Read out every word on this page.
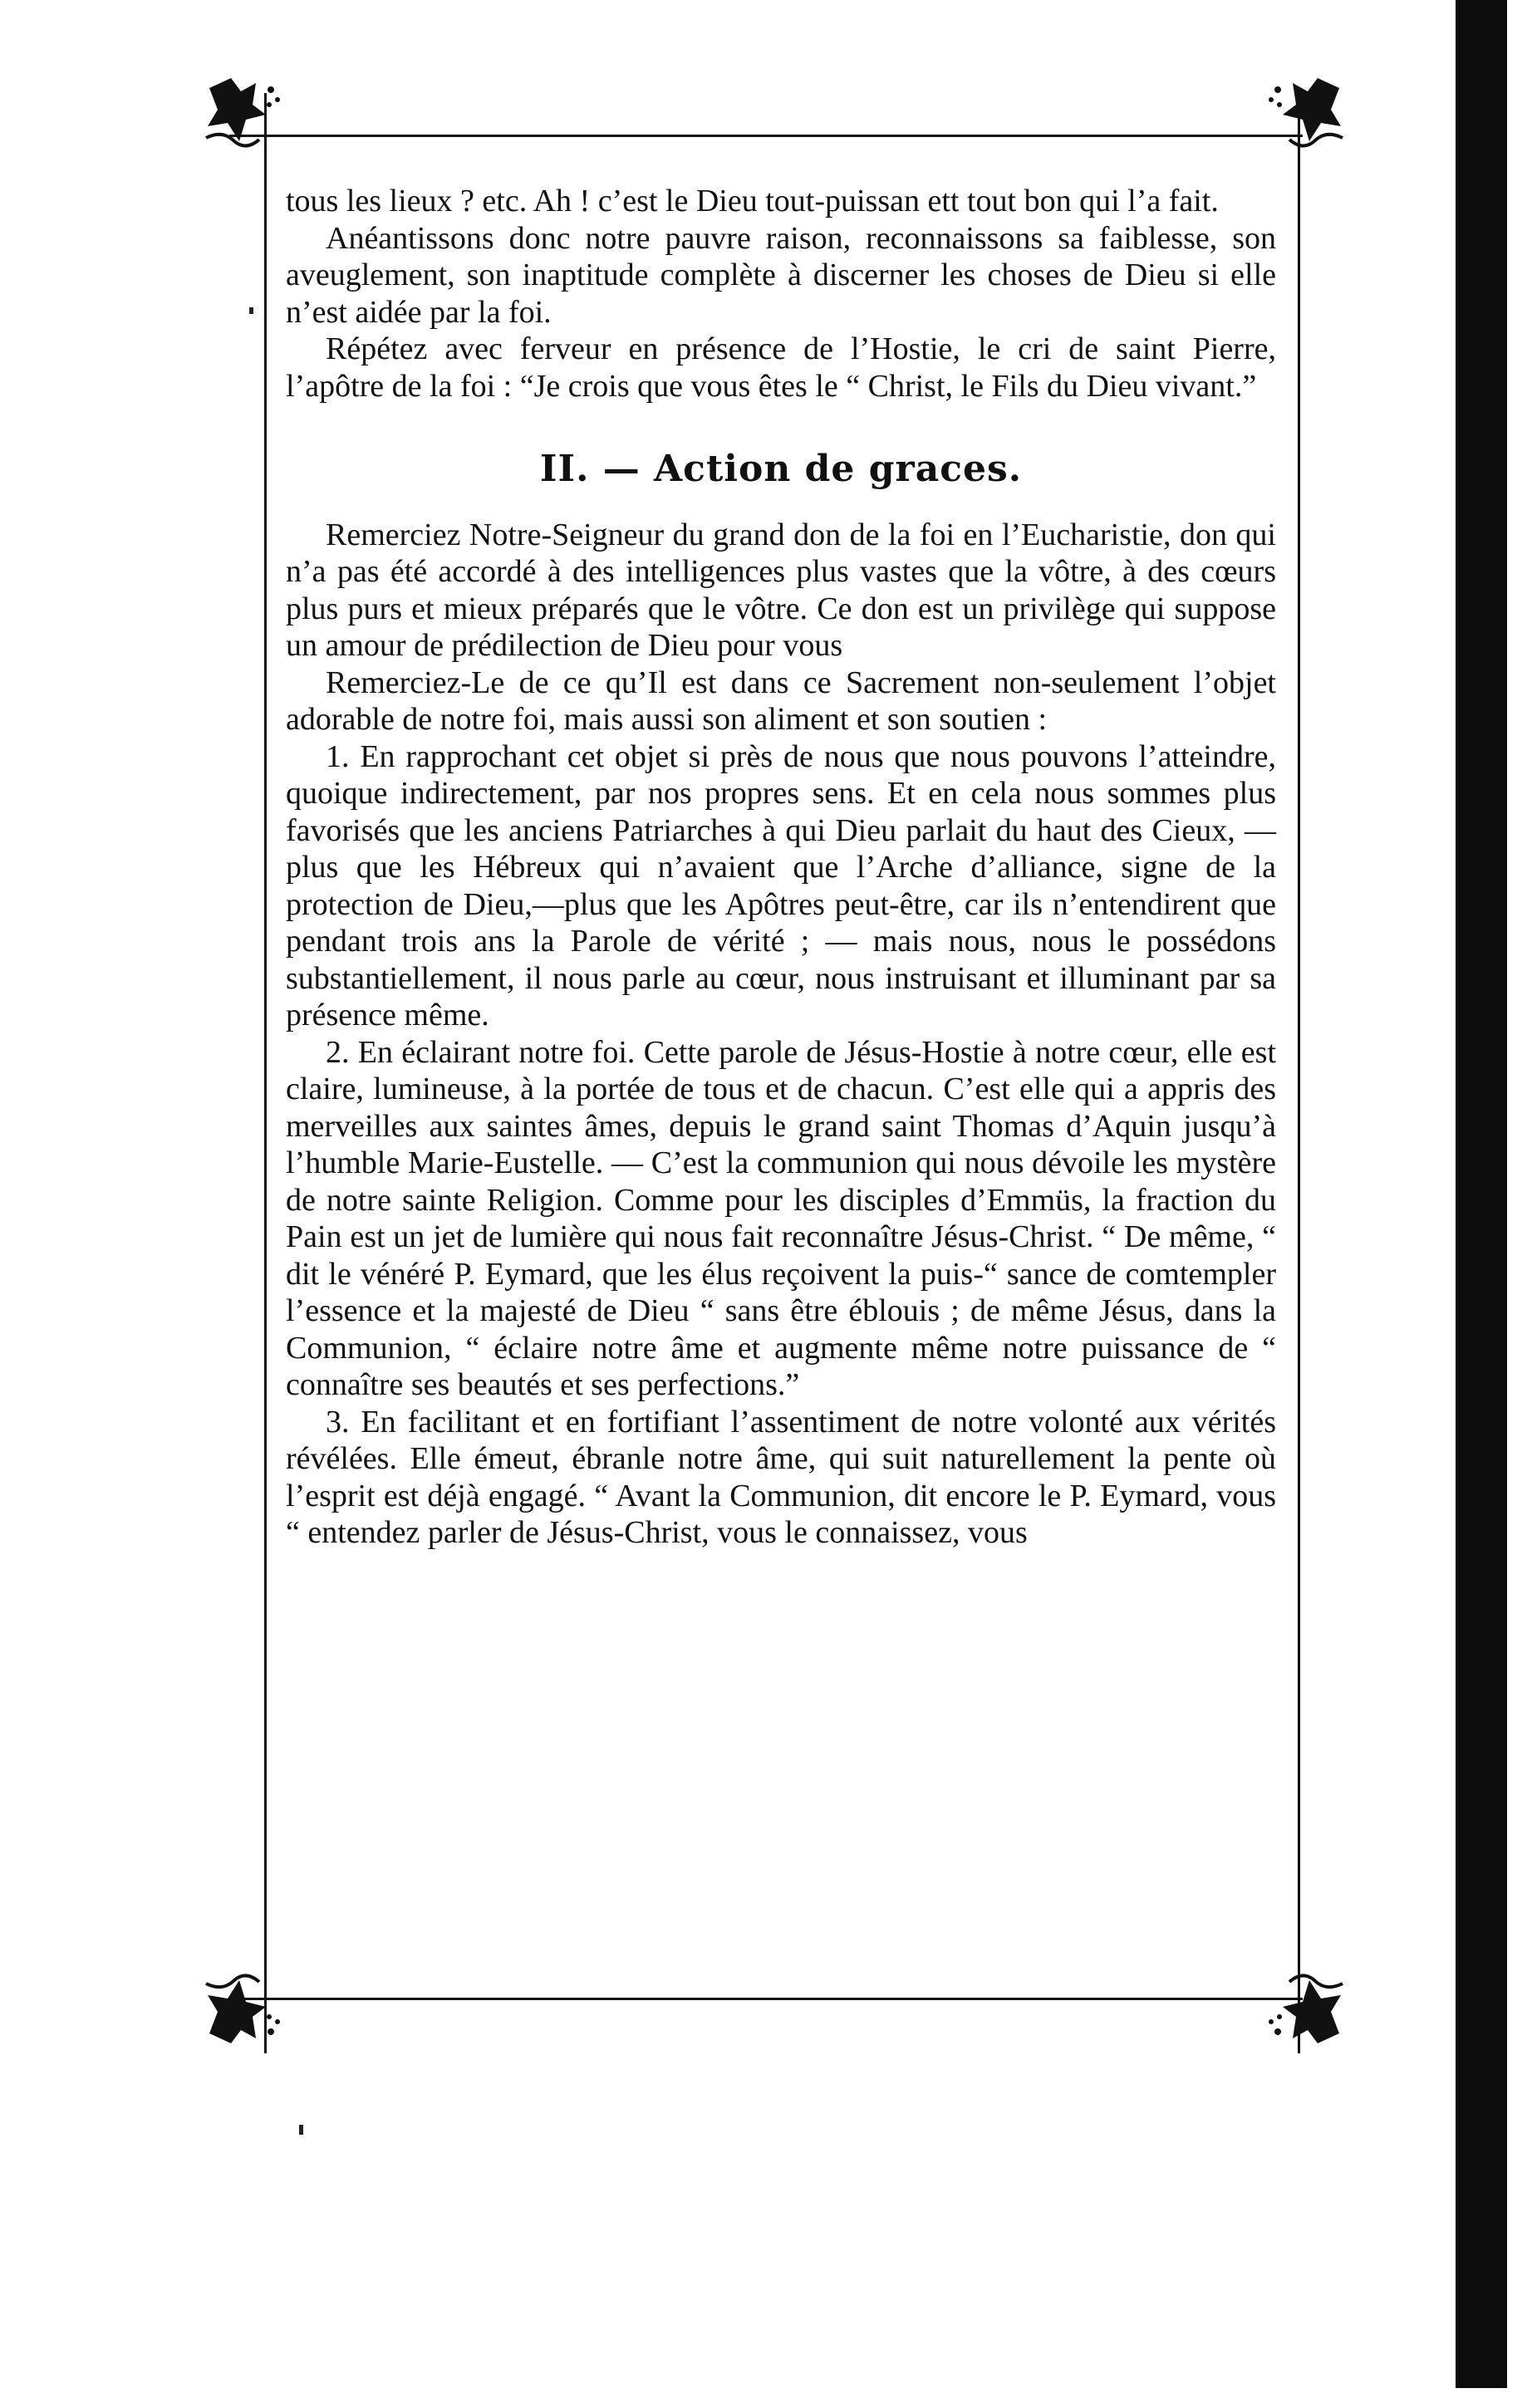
tous les lieux ? etc. Ah ! c’est le Dieu tout-puissan ett tout bon qui l’a fait.

Anéantissons donc notre pauvre raison, reconnaissons sa faiblesse, son aveuglement, son inaptitude complète à discerner les choses de Dieu si elle n’est aidée par la foi.

Répétez avec ferveur en présence de l’Hostie, le cri de saint Pierre, l’apôtre de la foi : “Je crois que vous êtes le “ Christ, le Fils du Dieu vivant.”

II. — Action de graces.

Remerciez Notre-Seigneur du grand don de la foi en l’Eucharistie, don qui n’a pas été accordé à des intelligences plus vastes que la vôtre, à des cœurs plus purs et mieux préparés que le vôtre. Ce don est un privilège qui suppose un amour de prédilection de Dieu pour vous

Remerciez-Le de ce qu’Il est dans ce Sacrement non-seulement l’objet adorable de notre foi, mais aussi son aliment et son soutien :

1. En rapprochant cet objet si près de nous que nous pouvons l’atteindre, quoique indirectement, par nos propres sens. Et en cela nous sommes plus favorisés que les anciens Patriarches à qui Dieu parlait du haut des Cieux, — plus que les Hébreux qui n’avaient que l’Arche d’alliance, signe de la protection de Dieu,—plus que les Apôtres peut-être, car ils n’entendirent que pendant trois ans la Parole de vérité ; — mais nous, nous le possédons substantiellement, il nous parle au cœur, nous instruisant et illuminant par sa présence même.

2. En éclairant notre foi. Cette parole de Jésus-Hostie à notre cœur, elle est claire, lumineuse, à la portée de tous et de chacun. C’est elle qui a appris des merveilles aux saintes âmes, depuis le grand saint Thomas d’Aquin jusqu’à l’humble Marie-Eustelle. — C’est la communion qui nous dévoile les mystère de notre sainte Religion. Comme pour les disciples d’Emmüs, la fraction du Pain est un jet de lumière qui nous fait reconnaître Jésus-Christ. “ De même, “ dit le vénéré P. Eymard, que les élus reçoivent la puis-“ sance de comtempler l’essence et la majesté de Dieu “ sans être éblouis ; de même Jésus, dans la Communion, “ éclaire notre âme et augmente même notre puissance de “ connaître ses beautés et ses perfections.”

3. En facilitant et en fortifiant l’assentiment de notre volonté aux vérités révélées. Elle émeut, ébranle notre âme, qui suit naturellement la pente où l’esprit est déjà engagé. “ Avant la Communion, dit encore le P. Eymard, vous “ entendez parler de Jésus-Christ, vous le connaissez, vous
